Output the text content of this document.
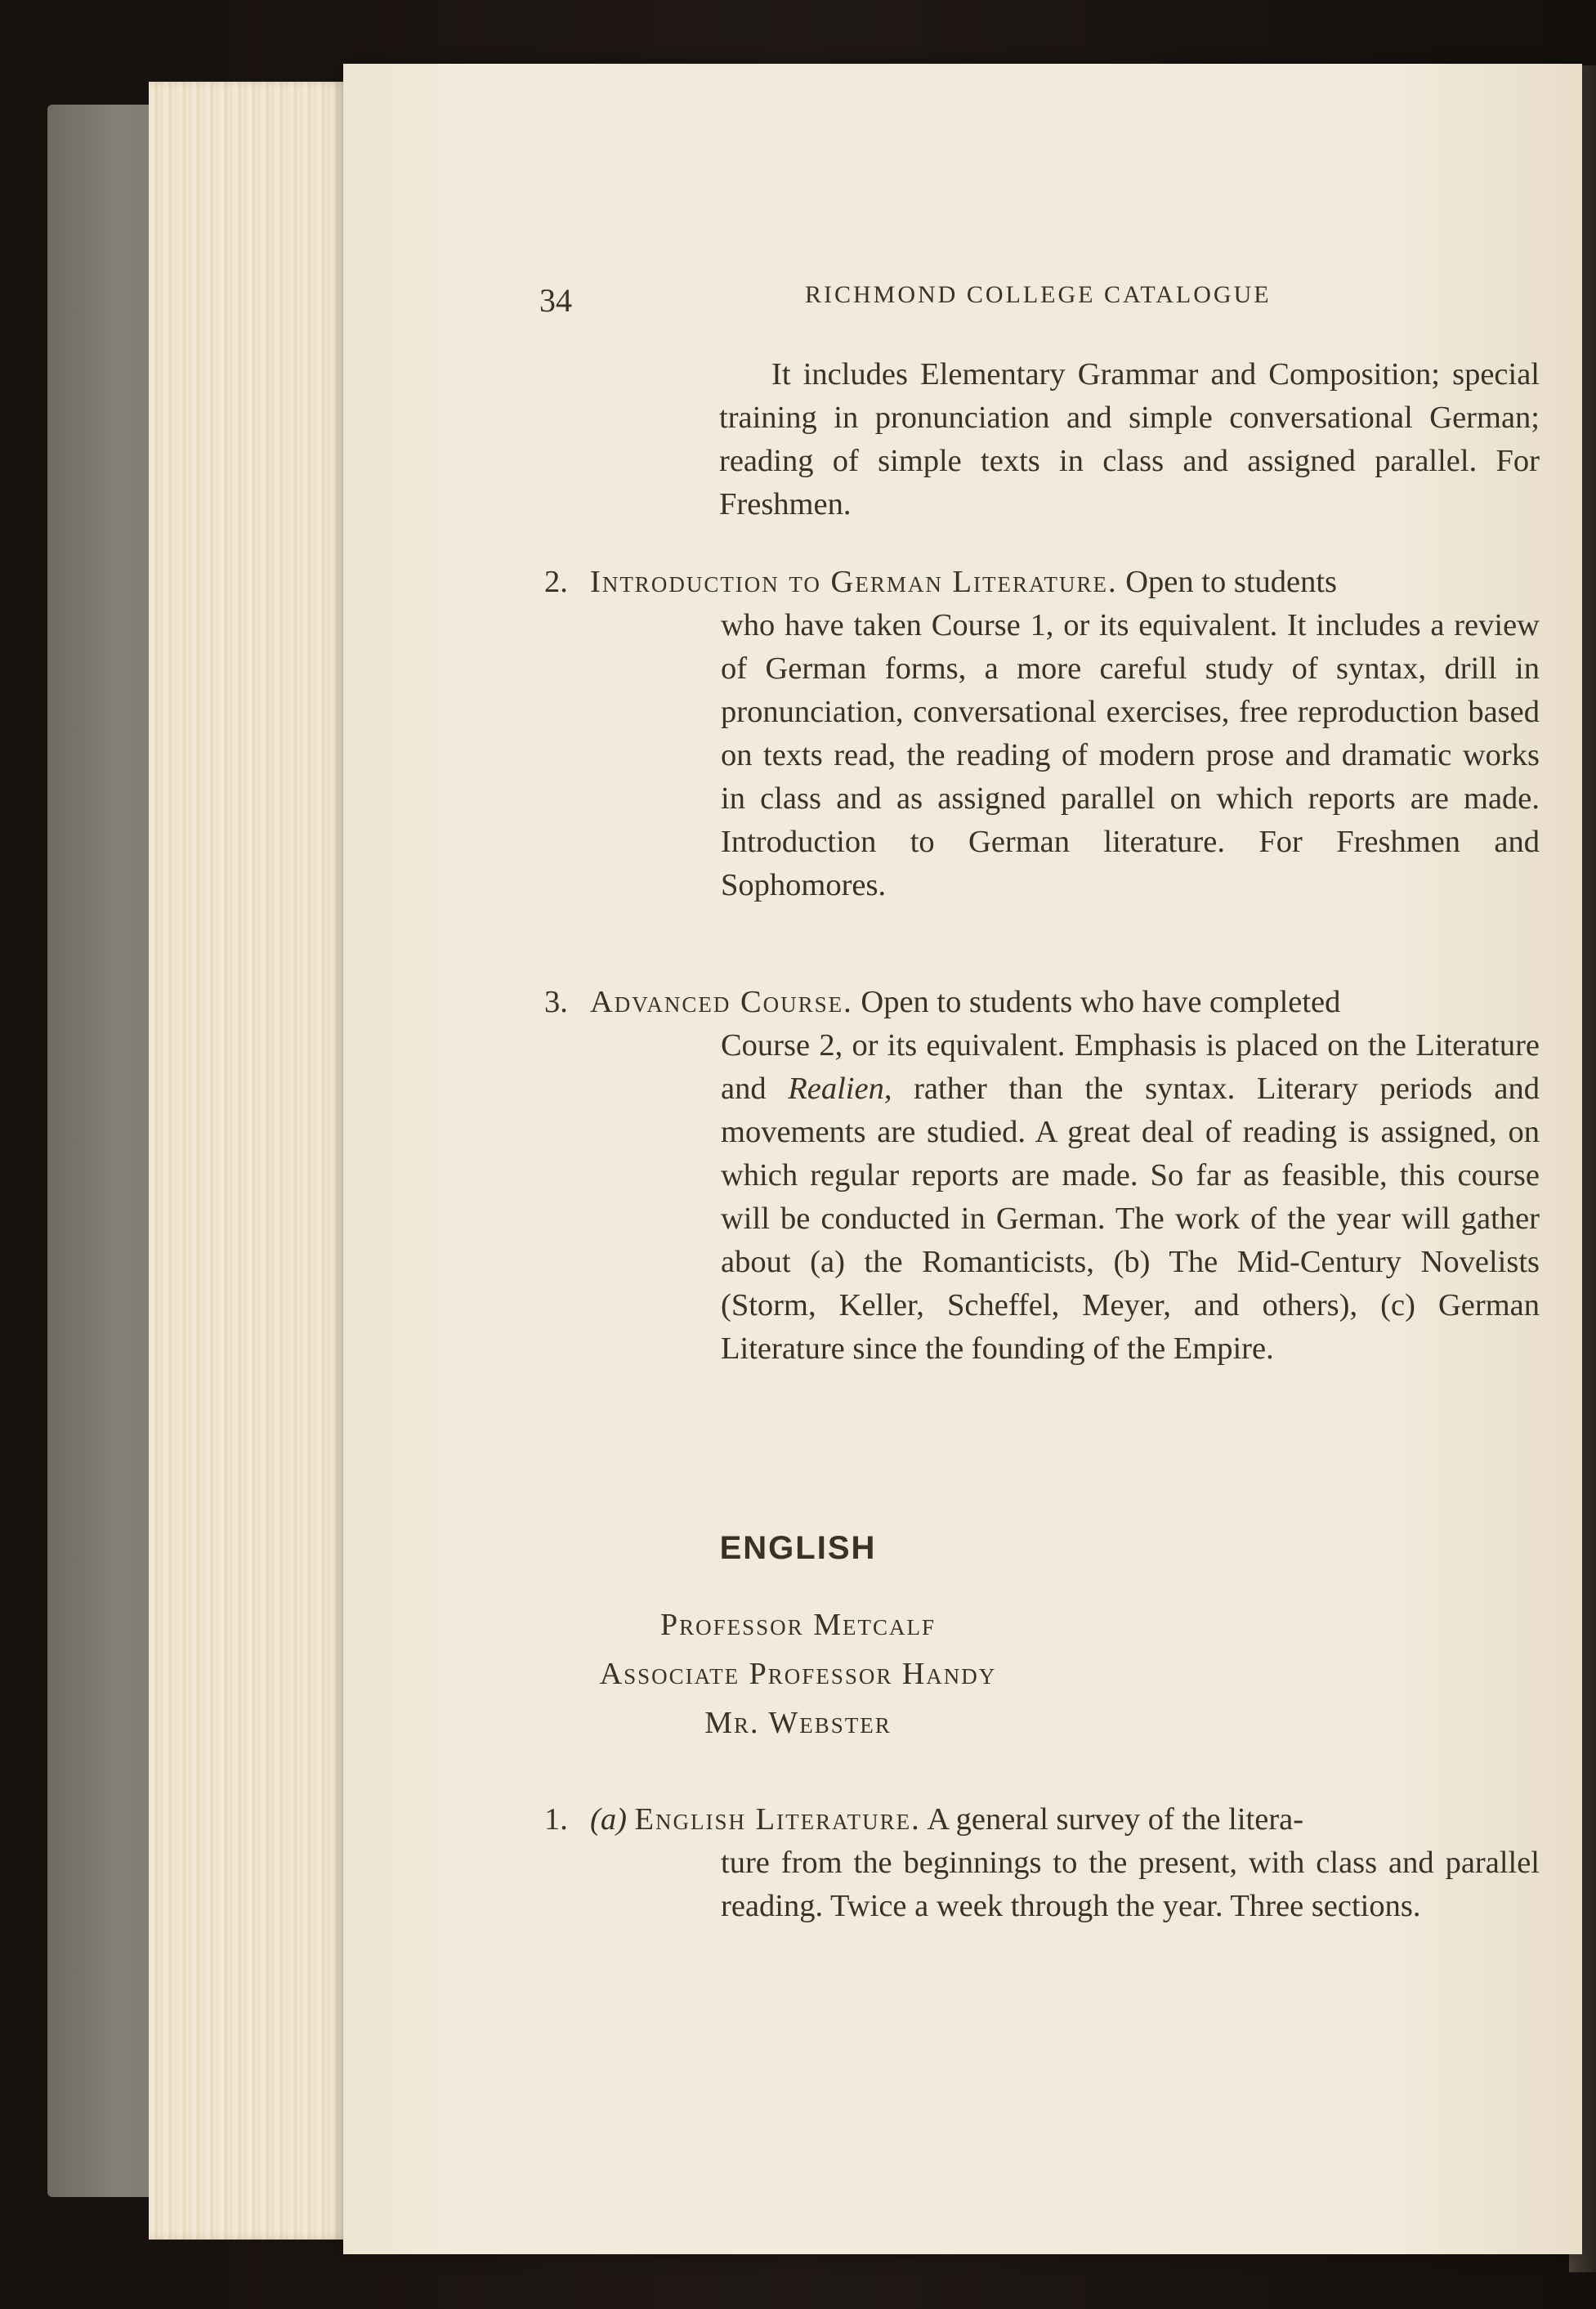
34	RICHMOND COLLEGE CATALOGUE
It includes Elementary Grammar and Composition; special training in pronunciation and simple conversational German; reading of simple texts in class and assigned parallel. For Freshmen.
2. Introduction to German Literature. Open to students
who have taken Course 1, or its equivalent. It includes a review of German forms, a more careful study of syntax, drill in pronunciation, conversational exercises, free reproduction based on texts read, the reading of modern prose and dramatic works in class and as assigned parallel on which reports are made. Introduction to German literature. For Freshmen and Sophomores.
3. Advanced Course. Open to students who have completed
Course 2, or its equivalent. Emphasis is placed on the Literature and Realien, rather than the syntax. Literary periods and movements are studied. A great deal of reading is assigned, on which regular reports are made. So far as feasible, this course will be conducted in German. The work of the year will gather about (a) the Romanticists, (b) The Mid-Century Novelists (Storm, Keller, Scheffel, Meyer, and others), (c) German Literature since the founding of the Empire.
ENGLISH
Professor Metcalf
Associate Professor Handy
Mr. Webster
1. (a) English Literature. A general survey of the litera-
ture from the beginnings to the present, with class and parallel reading. Twice a week through the year. Three sections.
